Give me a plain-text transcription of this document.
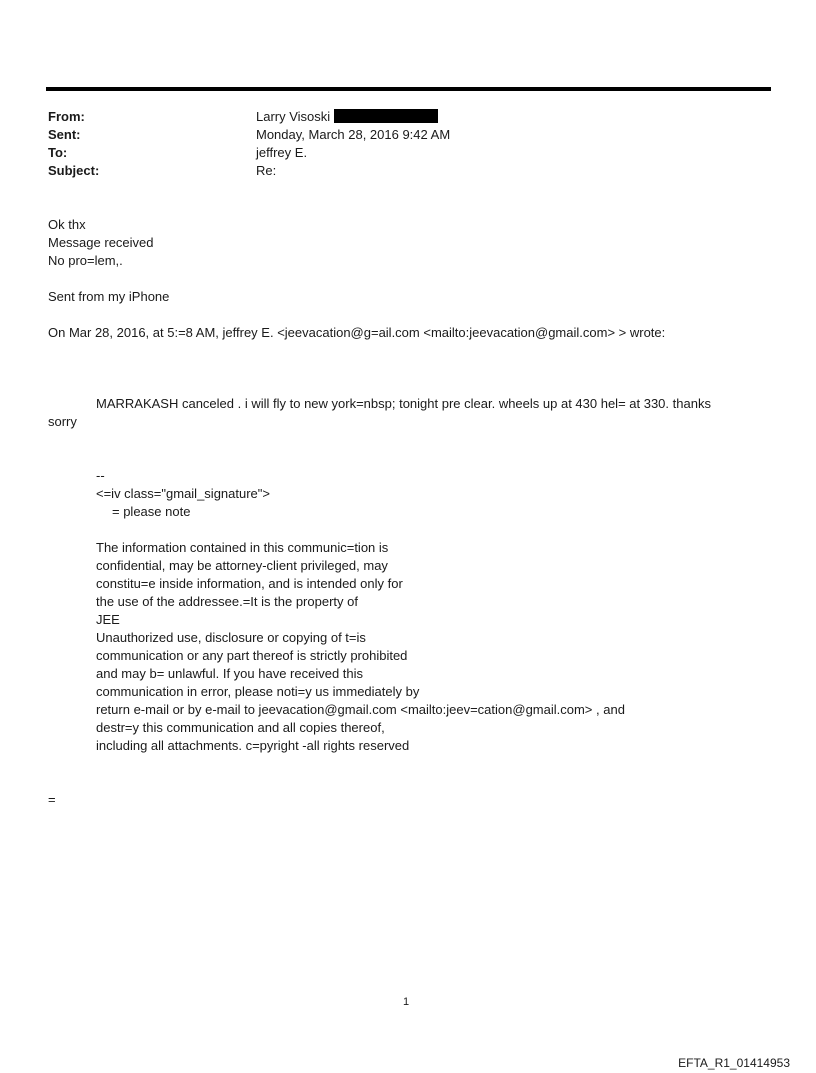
From:	Larry Visoski
Sent:	Monday, March 28, 2016 9:42 AM
To:	jeffrey E.
Subject:	Re:
Ok thx
Message received
No pro=lem,.
Sent from my iPhone
On Mar 28, 2016, at 5:=8 AM, jeffrey E. <jeevacation@g=ail.com <mailto:jeevacation@gmail.com> > wrote:
MARRAKASH canceled . i will fly to new york=nbsp; tonight pre clear. wheels up at 430 hel= at 330. thanks
sorry
--
<=iv class="gmail_signature">
= please note
The information contained in this communic=tion is
confidential, may be attorney-client privileged, may
constitu=e inside information, and is intended only for
the use of the addressee.=It is the property of
JEE
Unauthorized use, disclosure or copying of t=is
communication or any part thereof is strictly prohibited
and may b= unlawful. If you have received this
communication in error, please noti=y us immediately by
return e-mail or by e-mail to jeevacation@gmail.com <mailto:jeev=cation@gmail.com> , and
destr=y this communication and all copies thereof,
including all attachments. c=pyright -all rights reserved
=
1
EFTA_R1_01414953
